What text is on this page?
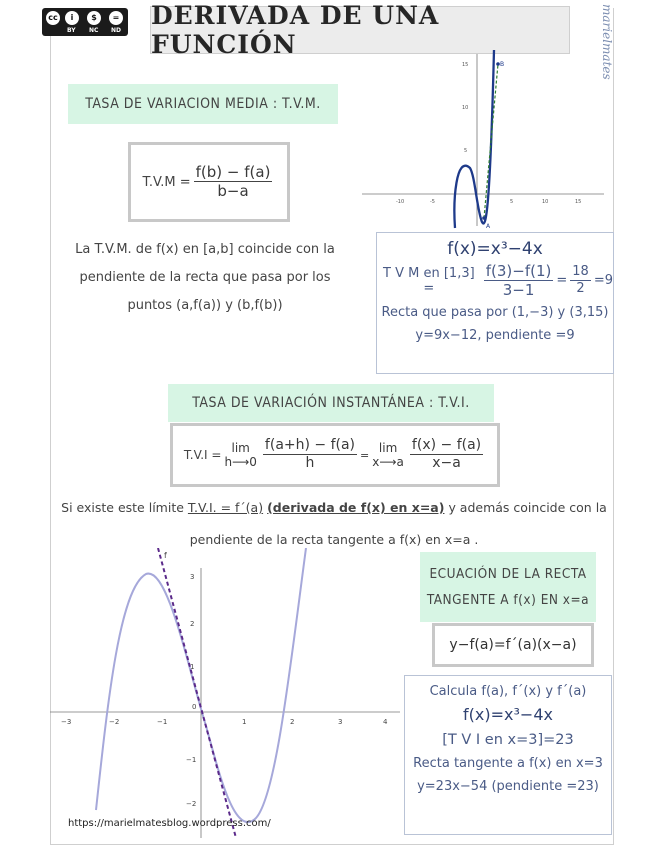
cc	i	$	=
BY NC ND
DERIVADA DE UNA FUNCIÓN	marielmates
TASA DE VARIACION MEDIA : T.V.M.
$T.V.M = \frac{f(b) - f(a)}{b-a}$
La T.V.M. de f(x) en [a,b] coincide con la
pendiente de la recta que pasa por los
puntos (a,f(a)) y (b,f(b))
-10	-5	5	10	15
15
10
5
A
B
f(x)=x³−4x
T V M en [1,3] =	$\frac{f(3)-f(1)}{3-1} = \frac{18}{2} =9$
Recta que pasa por (1,−3) y (3,15)
y=9x−12, pendiente =9
TASA DE VARIACIÓN INSTANTÁNEA : T.V.I.
T.V.I = lim
h⟶0 $\frac{f(a+h) - f(a)}{h} = \lim$
x⟶a $\frac{f(x) - f(a)}{x-a}$
Si existe este límite T.V.I. = f´(a) (derivada de f(x) en x=a) y además coincide con la
pendiente de la recta tangente a f(x) en x=a .
−3	−2	−1
0
1	2	3	4
3
2
1
−1
−2
f
ECUACIÓN DE LA RECTA
TANGENTE A f(x) EN x=a
y−f(a)=f´(a)(x−a)
Calcula f(a), f´(x) y f´(a)
f(x)=x³−4x
[T V I en x=3]=23
Recta tangente a f(x) en x=3
y=23x−54 (pendiente =23)
https://marielmatesblog.wordpress.com/
